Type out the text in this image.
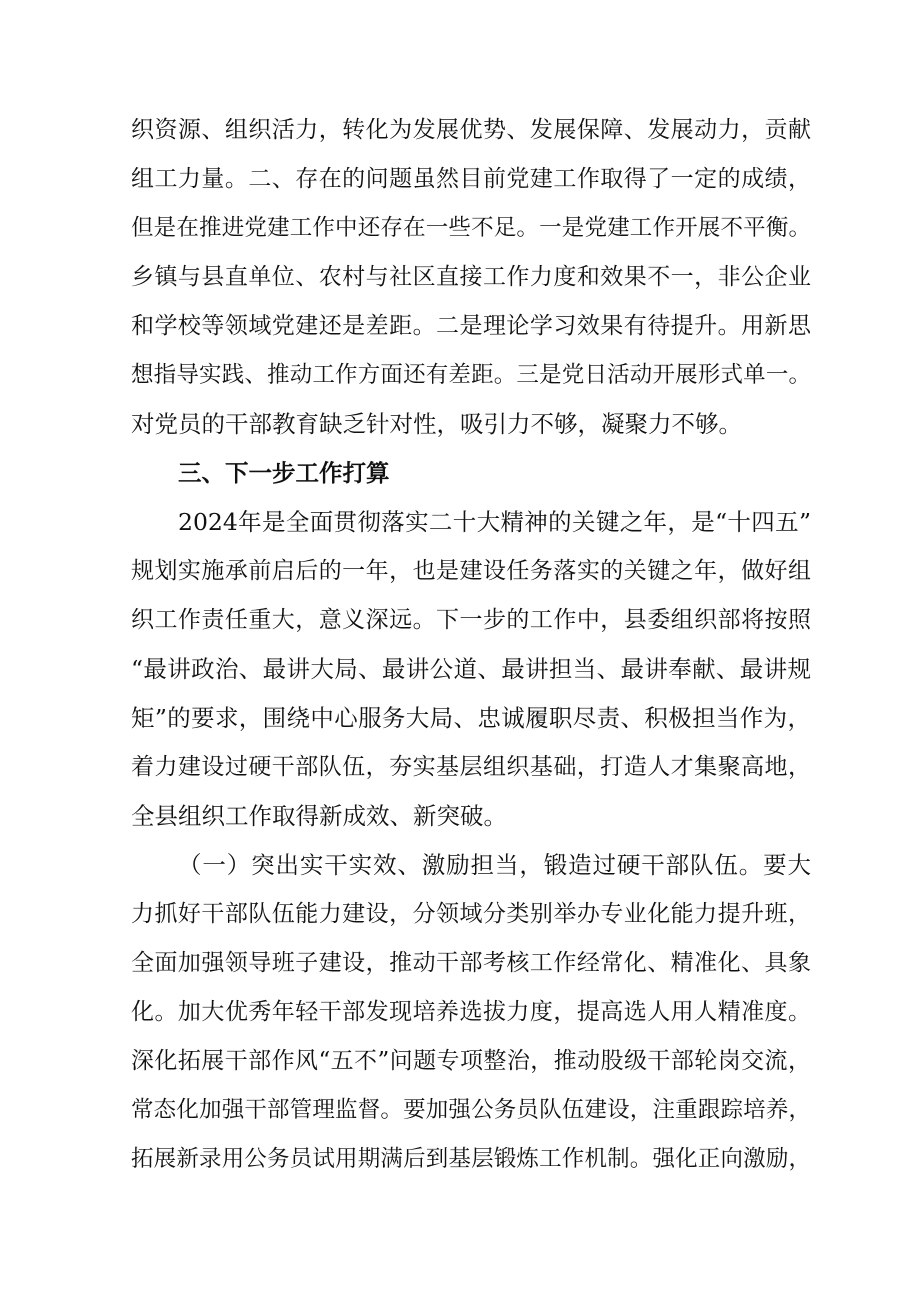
织资源、组织活力，转化为发展优势、发展保障、发展动力，贡献
组工力量。二、存在的问题虽然目前党建工作取得了一定的成绩，
但是在推进党建工作中还存在一些不足。一是党建工作开展不平衡。
乡镇与县直单位、农村与社区直接工作力度和效果不一，非公企业
和学校等领域党建还是差距。二是理论学习效果有待提升。用新思
想指导实践、推动工作方面还有差距。三是党日活动开展形式单一。
对党员的干部教育缺乏针对性，吸引力不够，凝聚力不够。
三、下一步工作打算
2024年是全面贯彻落实二十大精神的关键之年，是“十四五”
规划实施承前启后的一年，也是建设任务落实的关键之年，做好组
织工作责任重大，意义深远。下一步的工作中，县委组织部将按照
“最讲政治、最讲大局、最讲公道、最讲担当、最讲奉献、最讲规
矩”的要求，围绕中心服务大局、忠诚履职尽责、积极担当作为，
着力建设过硬干部队伍，夯实基层组织基础，打造人才集聚高地，
全县组织工作取得新成效、新突破。
（一）突出实干实效、激励担当，锻造过硬干部队伍。要大
力抓好干部队伍能力建设，分领域分类别举办专业化能力提升班，
全面加强领导班子建设，推动干部考核工作经常化、精准化、具象
化。加大优秀年轻干部发现培养选拔力度，提高选人用人精准度。
深化拓展干部作风“五不”问题专项整治，推动股级干部轮岗交流，
常态化加强干部管理监督。要加强公务员队伍建设，注重跟踪培养，
拓展新录用公务员试用期满后到基层锻炼工作机制。强化正向激励，
